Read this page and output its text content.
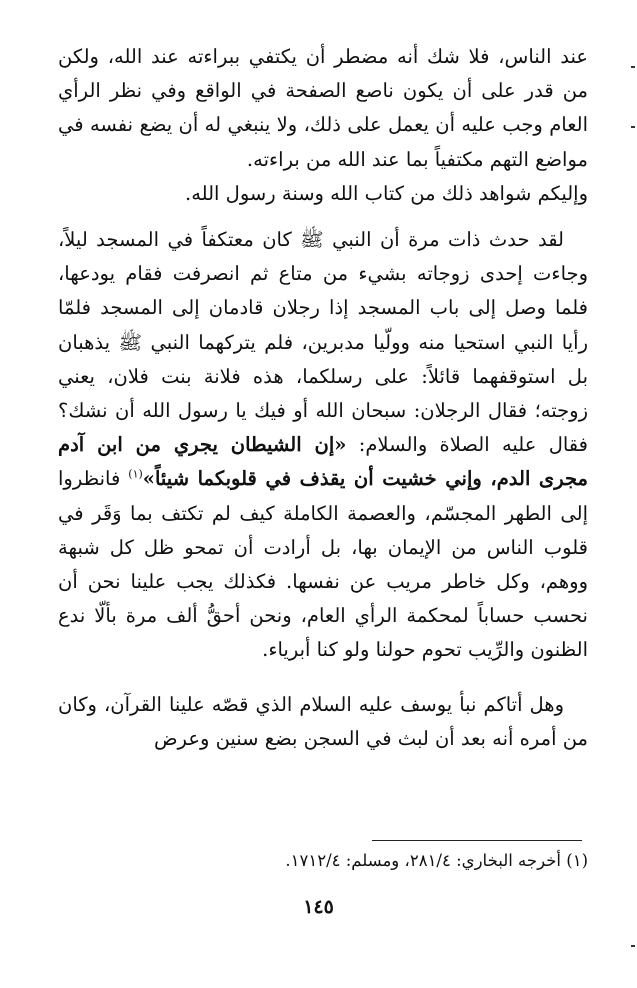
عند الناس، فلا شك أنه مضطر أن يكتفي ببراءته عند الله، ولكن من قدر على أن يكون ناصع الصفحة في الواقع وفي نظر الرأي العام وجب عليه أن يعمل على ذلك، ولا ينبغي له أن يضع نفسه في مواضع التهم مكتفياً بما عند الله من براءته.

وإليكم شواهد ذلك من كتاب الله وسنة رسول الله.

لقد حدث ذات مرة أن النبي ﷺ كان معتكفاً في المسجد ليلاً، وجاءت إحدى زوجاته بشيء من متاع ثم انصرفت فقام يودعها، فلما وصل إلى باب المسجد إذا رجلان قادمان إلى المسجد فلمّا رأيا النبي استحيا منه وولّيا مدبرين، فلم يتركهما النبي ﷺ يذهبان بل استوقفهما قائلاً: على رسلكما، هذه فلانة بنت فلان، يعني زوجته؛ فقال الرجلان: سبحان الله أو فيك يا رسول الله أن نشك؟ فقال عليه الصلاة والسلام: «إن الشيطان يجري من ابن آدم مجرى الدم، وإني خشيت أن يقذف في قلوبكما شيئاً»$^{(١)}$ فانظروا إلى الطهر المجسّم، والعصمة الكاملة كيف لم تكتف بما وَقَر في قلوب الناس من الإيمان بها، بل أرادت أن تمحو ظل كل شبهة ووهم، وكل خاطر مريب عن نفسها. فكذلك يجب علينا نحن أن نحسب حساباً لمحكمة الرأي العام، ونحن أحقُّ ألف مرة بألّا ندع الظنون والرِّيب تحوم حولنا ولو كنا أبرياء.

وهل أتاكم نبأ يوسف عليه السلام الذي قصّه علينا القرآن، وكان من أمره أنه بعد أن لبث في السجن بضع سنين وعرض

(١) أخرجه البخاري: ٢٨١/٤، ومسلم: ١٧١٢/٤.
١٤٥
